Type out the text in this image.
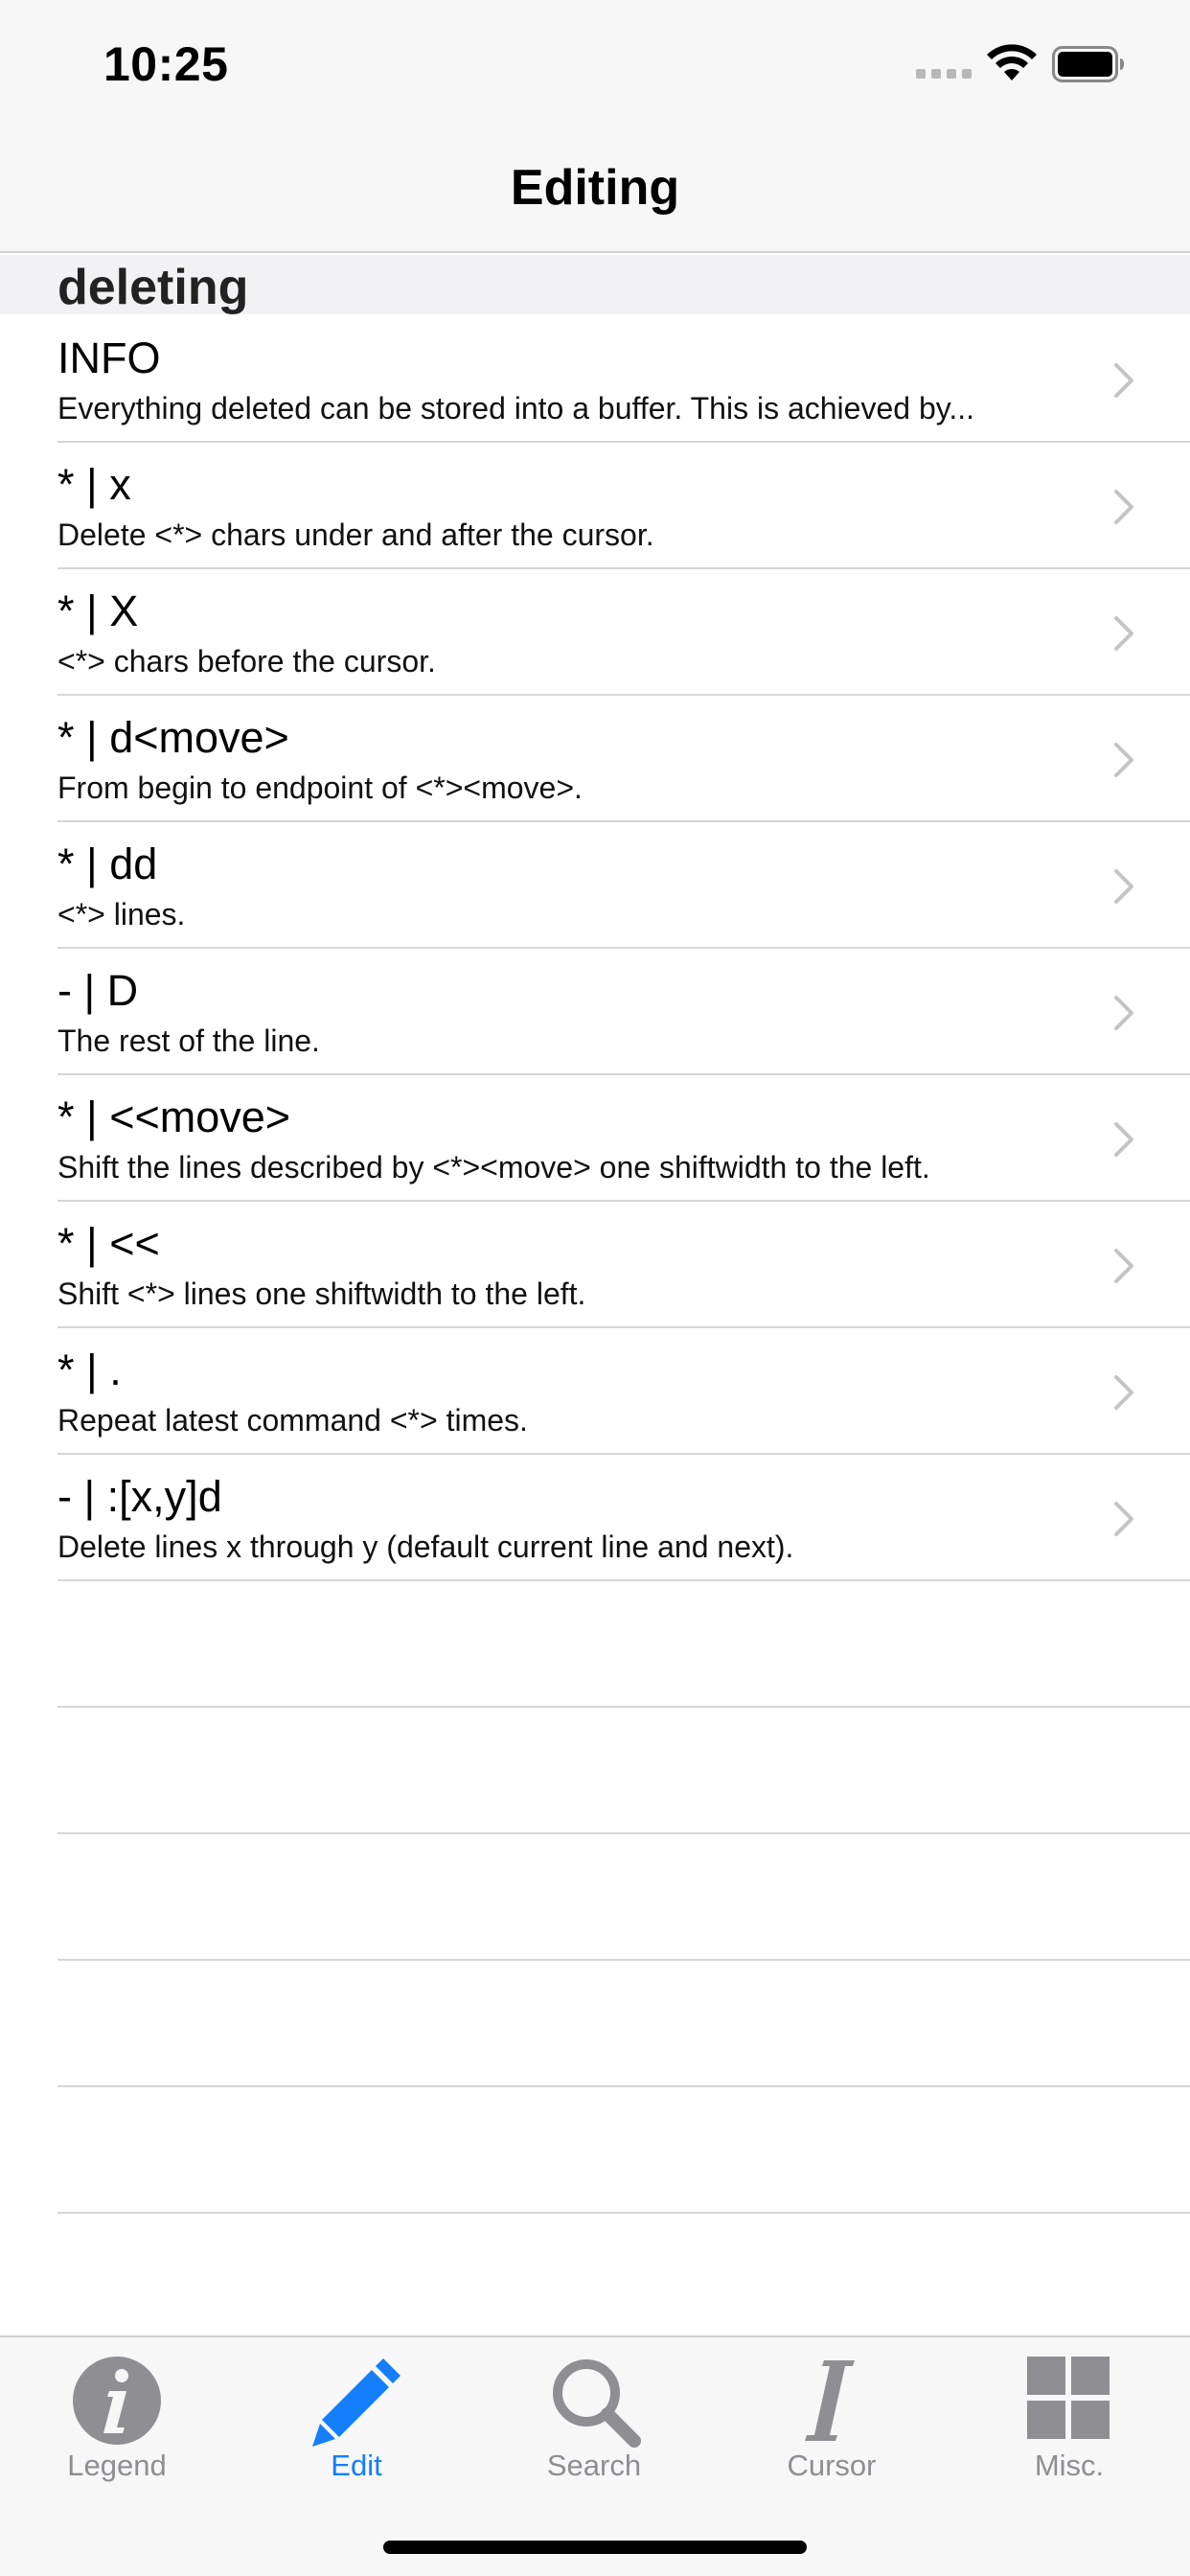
10:25
Editing
deleting
INFO
Everything deleted can be stored into a buffer. This is achieved by...
* | x
Delete <*> chars under and after the cursor.
* | X
<*> chars before the cursor.
* | d<move>
From begin to endpoint of <*><move>.
* | dd
<*> lines.
- | D
The rest of the line.
* | <<move>
Shift the lines described by <*><move> one shiftwidth to the left.
* | <<
Shift <*> lines one shiftwidth to the left.
* | .
Repeat latest command <*> times.
- | :[x,y]d
Delete lines x through y (default current line and next).
Legend	Edit	Search	Cursor	Misc.
